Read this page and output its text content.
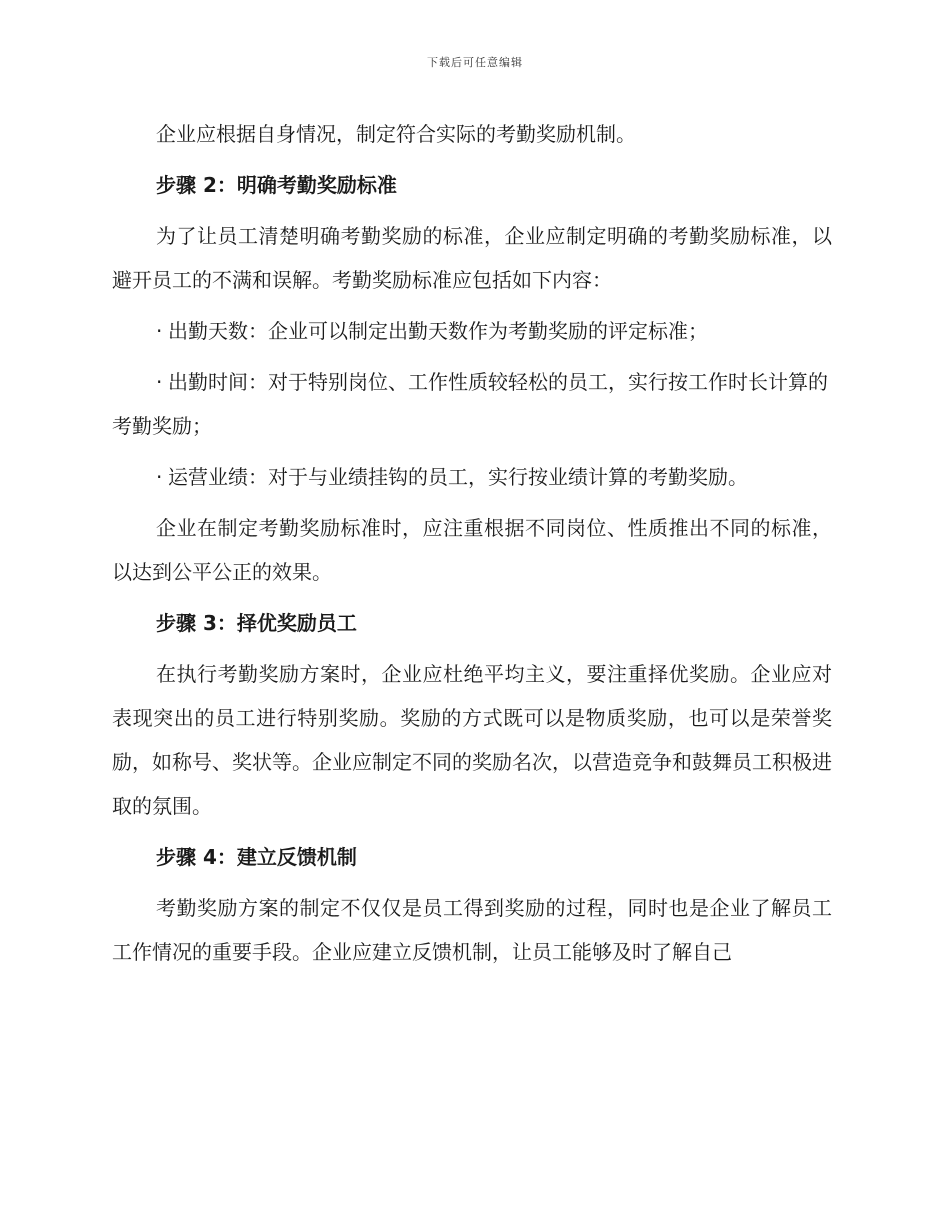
下载后可任意编辑

企业应根据自身情况，制定符合实际的考勤奖励机制。

步骤 2：明确考勤奖励标准

为了让员工清楚明确考勤奖励的标准，企业应制定明确的考勤奖励标准，以避开员工的不满和误解。考勤奖励标准应包括如下内容：

· 出勤天数：企业可以制定出勤天数作为考勤奖励的评定标准；

· 出勤时间：对于特别岗位、工作性质较轻松的员工，实行按工作时长计算的考勤奖励；

· 运营业绩：对于与业绩挂钩的员工，实行按业绩计算的考勤奖励。

企业在制定考勤奖励标准时，应注重根据不同岗位、性质推出不同的标准，以达到公平公正的效果。

步骤 3：择优奖励员工

在执行考勤奖励方案时，企业应杜绝平均主义，要注重择优奖励。企业应对表现突出的员工进行特别奖励。奖励的方式既可以是物质奖励，也可以是荣誉奖励，如称号、奖状等。企业应制定不同的奖励名次，以营造竞争和鼓舞员工积极进取的氛围。

步骤 4：建立反馈机制

考勤奖励方案的制定不仅仅是员工得到奖励的过程，同时也是企业了解员工工作情况的重要手段。企业应建立反馈机制，让员工能够及时了解自己
